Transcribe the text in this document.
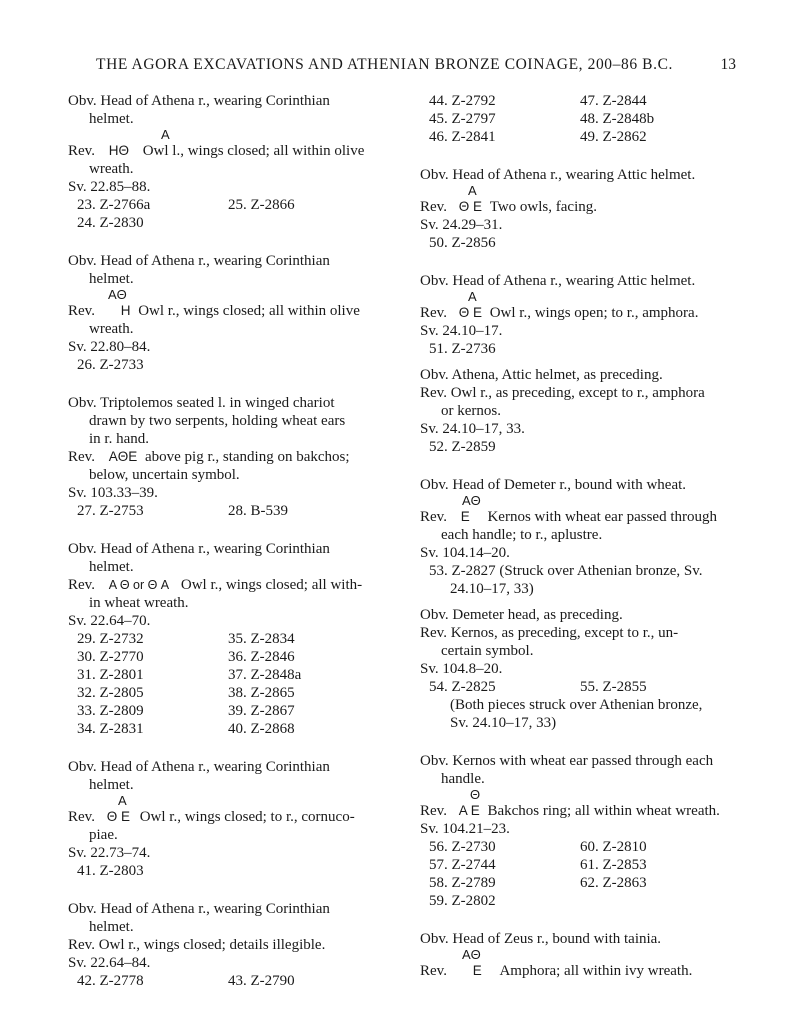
THE AGORA EXCAVATIONS AND ATHENIAN BRONZE COINAGE, 200–86 B.C.	13
Obv. Head of Athena r., wearing Corinthian
helmet.
A
Rev. HΘ Owl l., wings closed; all within olive
wreath.
Sv. 22.85–88.
23. Z-2766a	25. Z-2866
24. Z-2830
Obv. Head of Athena r., wearing Corinthian
helmet.
AΘ
Rev. H Owl r., wings closed; all within olive
wreath.
Sv. 22.80–84.
26. Z-2733
Obv. Triptolemos seated l. in winged chariot
drawn by two serpents, holding wheat ears
in r. hand.
Rev. AΘE above pig r., standing on bakchos;
below, uncertain symbol.
Sv. 103.33–39.
27. Z-2753	28. B-539
Obv. Head of Athena r., wearing Corinthian
helmet.
Rev. A Θ or Θ A Owl r., wings closed; all with-
in wheat wreath.
Sv. 22.64–70.
29. Z-2732	35. Z-2834
30. Z-2770	36. Z-2846
31. Z-2801	37. Z-2848a
32. Z-2805	38. Z-2865
33. Z-2809	39. Z-2867
34. Z-2831	40. Z-2868
Obv. Head of Athena r., wearing Corinthian
helmet.
A
Rev. Θ E Owl r., wings closed; to r., cornuco-
piae.
Sv. 22.73–74.
41. Z-2803
Obv. Head of Athena r., wearing Corinthian
helmet.
Rev. Owl r., wings closed; details illegible.
Sv. 22.64–84.
42. Z-2778	43. Z-2790
44. Z-2792	47. Z-2844
45. Z-2797	48. Z-2848b
46. Z-2841	49. Z-2862
Obv. Head of Athena r., wearing Attic helmet.
A
Rev. Θ E Two owls, facing.
Sv. 24.29–31.
50. Z-2856
Obv. Head of Athena r., wearing Attic helmet.
A
Rev. Θ E Owl r., wings open; to r., amphora.
Sv. 24.10–17.
51. Z-2736
Obv. Athena, Attic helmet, as preceding.
Rev. Owl r., as preceding, except to r., amphora
or kernos.
Sv. 24.10–17, 33.
52. Z-2859
Obv. Head of Demeter r., bound with wheat.
AΘ
Rev. E Kernos with wheat ear passed through
each handle; to r., aplustre.
Sv. 104.14–20.
53. Z-2827 (Struck over Athenian bronze, Sv.
24.10–17, 33)
Obv. Demeter head, as preceding.
Rev. Kernos, as preceding, except to r., un-
certain symbol.
Sv. 104.8–20.
54. Z-2825	55. Z-2855
(Both pieces struck over Athenian bronze,
Sv. 24.10–17, 33)
Obv. Kernos with wheat ear passed through each
handle.
Θ
Rev. A E Bakchos ring; all within wheat wreath.
Sv. 104.21–23.
56. Z-2730	60. Z-2810
57. Z-2744	61. Z-2853
58. Z-2789	62. Z-2863
59. Z-2802
Obv. Head of Zeus r., bound with tainia.
AΘ
Rev. E Amphora; all within ivy wreath.
